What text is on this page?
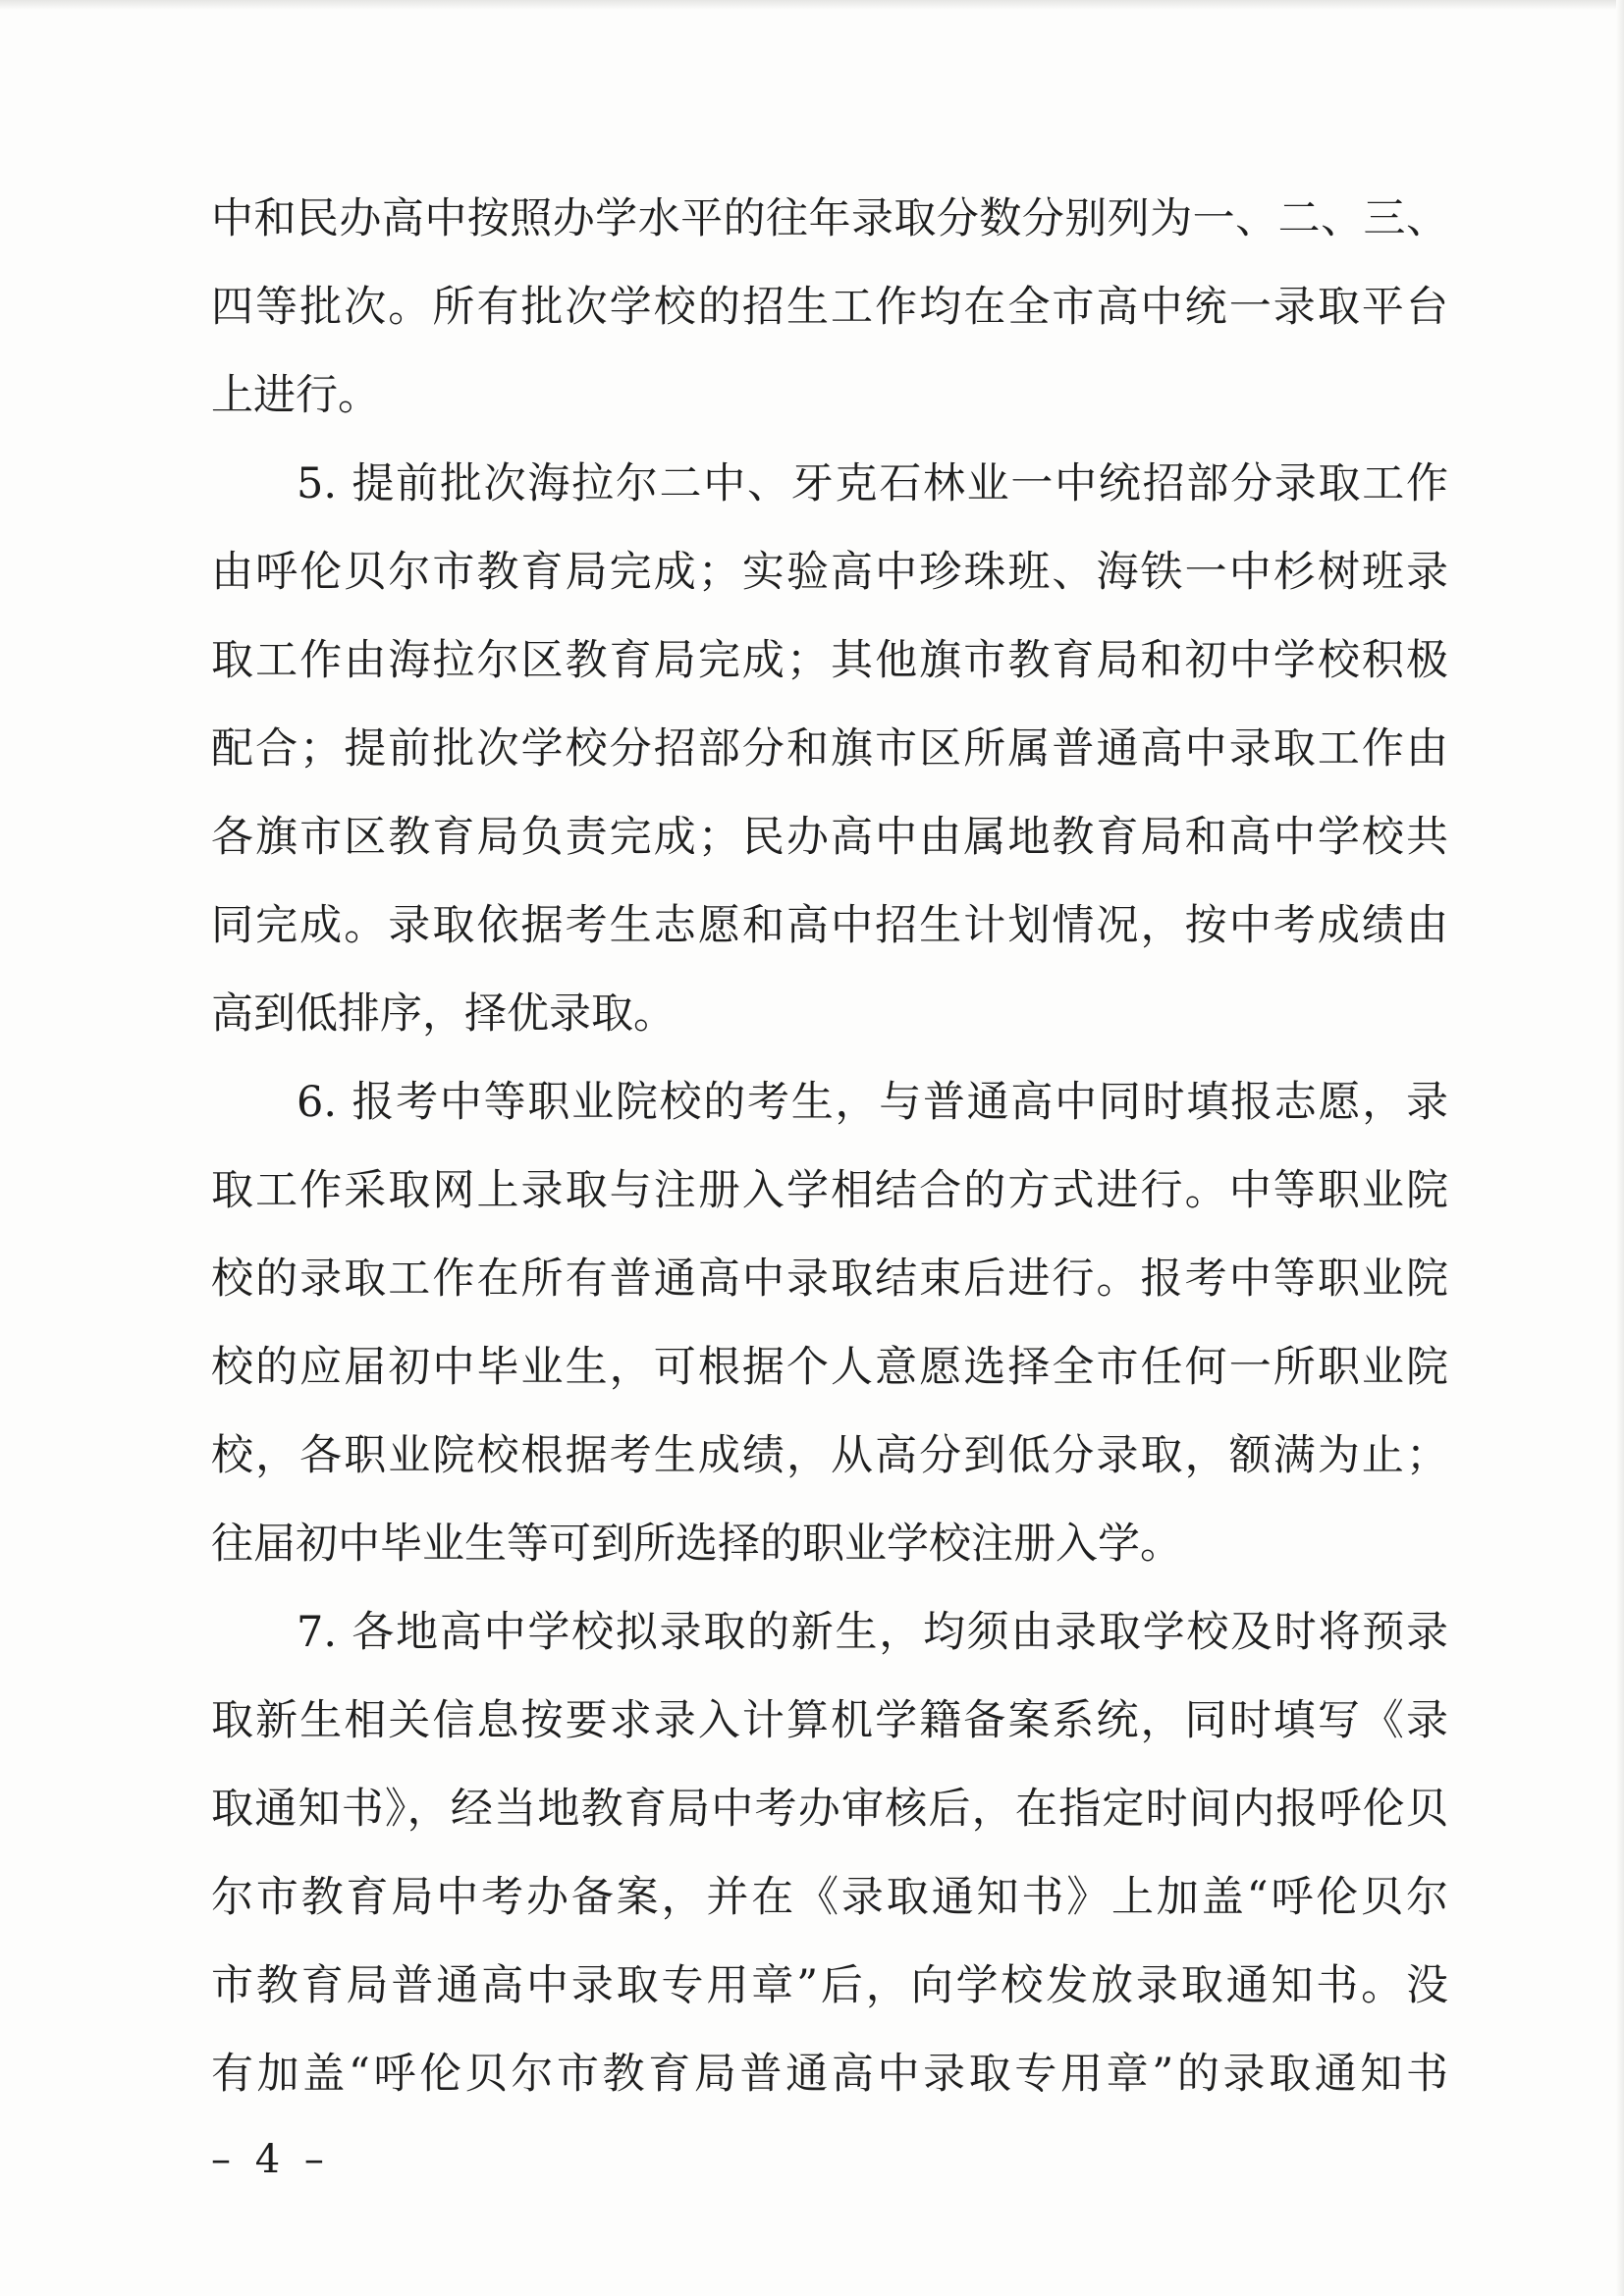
中和民办高中按照办学水平的往年录取分数分别列为一、二、三、
四等批次。所有批次学校的招生工作均在全市高中统一录取平台
上进行。
5. 提前批次海拉尔二中、牙克石林业一中统招部分录取工作
由呼伦贝尔市教育局完成；实验高中珍珠班、海铁一中杉树班录
取工作由海拉尔区教育局完成；其他旗市教育局和初中学校积极
配合；提前批次学校分招部分和旗市区所属普通高中录取工作由
各旗市区教育局负责完成；民办高中由属地教育局和高中学校共
同完成。录取依据考生志愿和高中招生计划情况，按中考成绩由
高到低排序，择优录取。
6. 报考中等职业院校的考生，与普通高中同时填报志愿，录
取工作采取网上录取与注册入学相结合的方式进行。中等职业院
校的录取工作在所有普通高中录取结束后进行。报考中等职业院
校的应届初中毕业生，可根据个人意愿选择全市任何一所职业院
校，各职业院校根据考生成绩，从高分到低分录取，额满为止；
往届初中毕业生等可到所选择的职业学校注册入学。
7. 各地高中学校拟录取的新生，均须由录取学校及时将预录
取新生相关信息按要求录入计算机学籍备案系统，同时填写《录
取通知书》，经当地教育局中考办审核后，在指定时间内报呼伦贝
尔市教育局中考办备案，并在《录取通知书》上加盖“呼伦贝尔
市教育局普通高中录取专用章”后，向学校发放录取通知书。没
有加盖“呼伦贝尔市教育局普通高中录取专用章”的录取通知书
– 4 –
